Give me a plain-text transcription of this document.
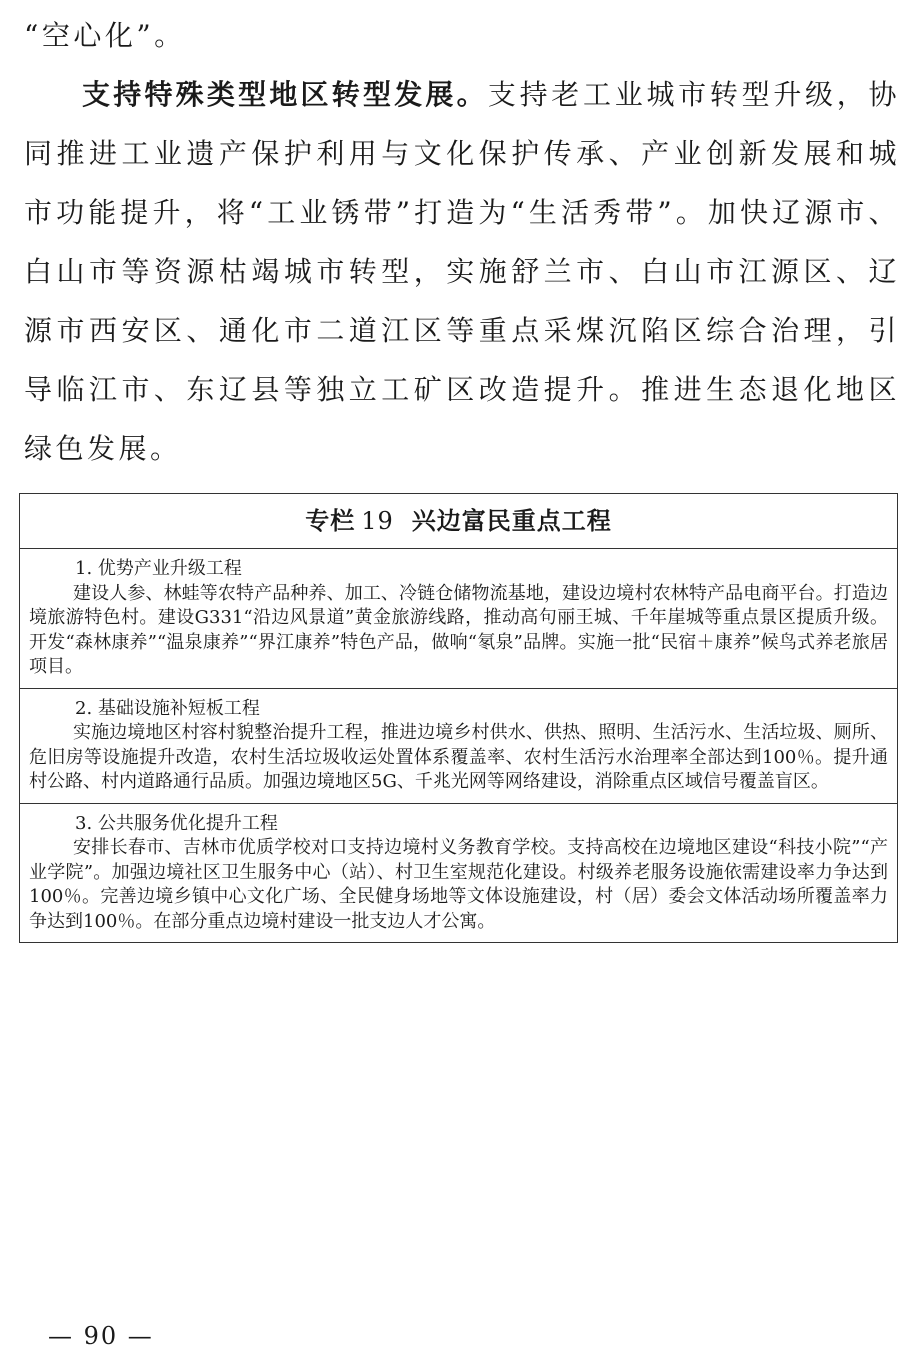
“空心化”。

支持特殊类型地区转型发展。支持老工业城市转型升级，协同推进工业遗产保护利用与文化保护传承、产业创新发展和城市功能提升，将“工业锈带”打造为“生活秀带”。加快辽源市、白山市等资源枯竭城市转型，实施舒兰市、白山市江源区、辽源市西安区、通化市二道江区等重点采煤沉陷区综合治理，引导临江市、东辽县等独立工矿区改造提升。推进生态退化地区绿色发展。

专栏 19 兴边富民重点工程
1. 优势产业升级工程
建设人参、林蛙等农特产品种养、加工、冷链仓储物流基地，建设边境村农林特产品电商平台。打造边境旅游特色村。建设G331“沿边风景道”黄金旅游线路，推动高句丽王城、千年崖城等重点景区提质升级。开发“森林康养”“温泉康养”“界江康养”特色产品，做响“氡泉”品牌。实施一批“民宿＋康养”候鸟式养老旅居项目。
2. 基础设施补短板工程
实施边境地区村容村貌整治提升工程，推进边境乡村供水、供热、照明、生活污水、生活垃圾、厕所、危旧房等设施提升改造，农村生活垃圾收运处置体系覆盖率、农村生活污水治理率全部达到100％。提升通村公路、村内道路通行品质。加强边境地区5G、千兆光网等网络建设，消除重点区域信号覆盖盲区。
3. 公共服务优化提升工程
安排长春市、吉林市优质学校对口支持边境村义务教育学校。支持高校在边境地区建设“科技小院”“产业学院”。加强边境社区卫生服务中心（站）、村卫生室规范化建设。村级养老服务设施依需建设率力争达到100％。完善边境乡镇中心文化广场、全民健身场地等文体设施建设，村（居）委会文体活动场所覆盖率力争达到100％。在部分重点边境村建设一批支边人才公寓。
— 90 —
